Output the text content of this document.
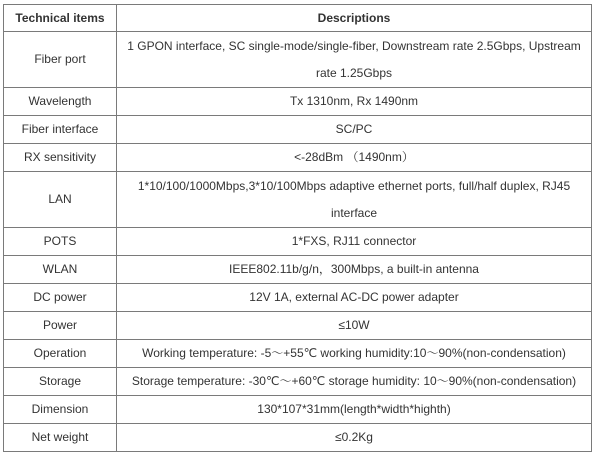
Technical items	Descriptions
Fiber port	1 GPON interface, SC single-mode/single-fiber, Downstream rate 2.5Gbps, Upstream rate 1.25Gbps
Wavelength	Tx 1310nm, Rx 1490nm
Fiber interface	SC/PC
RX sensitivity	<-28dBm （1490nm）
LAN	1*10/100/1000Mbps,3*10/100Mbps adaptive ethernet ports, full/half duplex, RJ45 interface
POTS	1*FXS, RJ11 connector
WLAN	IEEE802.11b/g/n，300Mbps, a built-in antenna
DC power	12V 1A, external AC-DC power adapter
Power	≤10W
Operation	Working temperature: -5～+55℃ working humidity:10～90%(non-condensation)
Storage	Storage temperature: -30℃～+60℃ storage humidity: 10～90%(non-condensation)
Dimension	130*107*31mm(length*width*highth)
Net weight	≤0.2Kg
